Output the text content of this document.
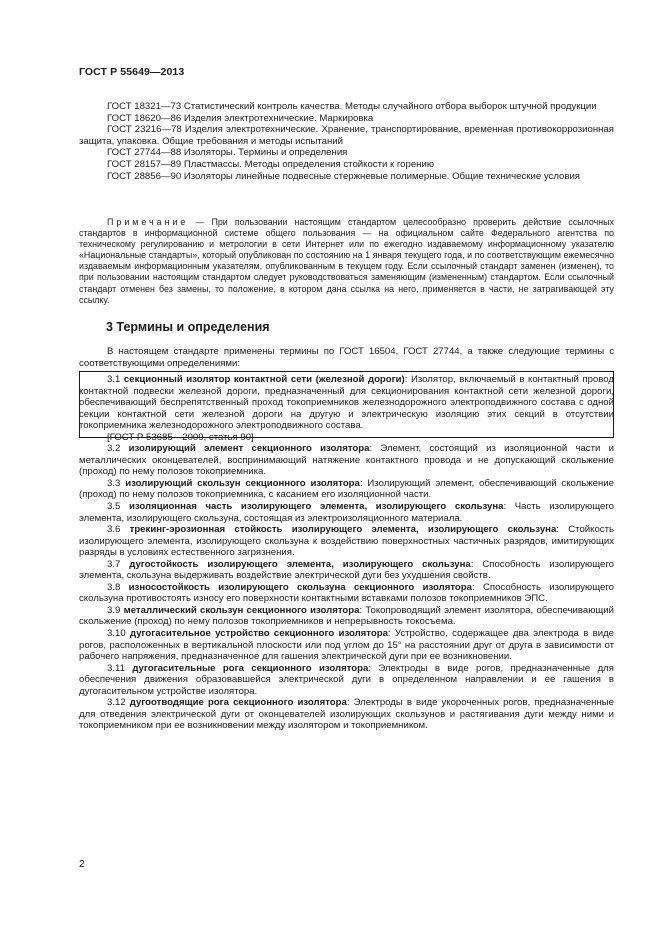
ГОСТ Р 55649—2013

ГОСТ 18321—73 Статистический контроль качества. Методы случайного отбора выборок штучной продукции

ГОСТ 18620—86 Изделия электротехнические. Маркировка

ГОСТ 23216—78 Изделия электротехнические. Хранение, транспортирование, временная противокоррозионная защита, упаковка. Общие требования и методы испытаний

ГОСТ 27744—88 Изоляторы. Термины и определения

ГОСТ 28157—89 Пластмассы. Методы определения стойкости к горению

ГОСТ 28856—90 Изоляторы линейные подвесные стержневые полимерные. Общие технические условия

Примечание — При пользовании настоящим стандартом целесообразно проверить действие ссылочных стандартов в информационной системе общего пользования — на официальном сайте Федерального агентства по техническому регулированию и метрологии в сети Интернет или по ежегодно издаваемому информационному указателю «Национальные стандарты», который опубликован по состоянию на 1 января текущего года, и по соответствующим ежемесячно издаваемым информационным указателям, опубликованным в текущем году. Если ссылочный стандарт заменен (изменен), то при пользовании настоящим стандартом следует руководствоваться заменяющим (измененным) стандартом. Если ссылочный стандарт отменен без замены, то положение, в котором дана ссылка на него, применяется в части, не затрагивающей эту ссылку.

3 Термины и определения

В настоящем стандарте применены термины по ГОСТ 16504, ГОСТ 27744, а также следующие термины с соответствующими определениями:

3.1 секционный изолятор контактной сети (железной дороги): Изолятор, включаемый в контактный провод контактной подвески железной дороги, предназначенный для секционирования контактной сети железной дороги, обеспечивающий беспрепятственный проход токоприемников железнодорожного электроподвижного состава с одной секции контактной сети железной дороги на другую и электрическую изоляцию этих секций в отсутствии токоприемника железнодорожного электроподвижного состава.

[ГОСТ Р 53685—2009, статья 90]

3.2 изолирующий элемент секционного изолятора: Элемент, состоящий из изоляционной части и металлических оконцевателей, воспринимающий натяжение контактного провода и не допускающий скольжение (проход) по нему полозов токоприемника.

3.3 изолирующий скользун секционного изолятора: Изолирующий элемент, обеспечивающий скольжение (проход) по нему полозов токоприемника, с касанием его изоляционной части.

3.5 изоляционная часть изолирующего элемента, изолирующего скользуна: Часть изолирующего элемента, изолирующего скользуна, состоящая из электроизоляционного материала.

3.6 трекинг-эрозионная стойкость изолирующего элемента, изолирующего скользуна: Стойкость изолирующего элемента, изолирующего скользуна к воздействию поверхностных частичных разрядов, имитирующих разряды в условиях естественного загрязнения.

3.7 дугостойкость изолирующего элемента, изолирующего скользуна: Способность изолирующего элемента, скользуна выдерживать воздействие электрической дуги без ухудшения свойств.

3.8 износостойкость изолирующего скользуна секционного изолятора: Способность изолирующего скользуна противостоять износу его поверхности контактными вставками полозов токоприемников ЭПС.

3.9 металлический скользун секционного изолятора: Токопроводящий элемент изолятора, обеспечивающий скольжение (проход) по нему полозов токоприемников и непрерывность токосъема.

3.10 дугогасительное устройство секционного изолятора: Устройство, содержащее два электрода в виде рогов, расположенных в вертикальной плоскости или под углом до 15° на расстоянии друг от друга в зависимости от рабочего напряжения, предназначенное для гашения электрической дуги при ее возникновении.

3.11 дугогасительные рога секционного изолятора: Электроды в виде рогов, предназначенные для обеспечения движения образовавшейся электрической дуги в определенном направлении и ее гашения в дугогасительном устройстве изолятора.

3.12 дугоотводящие рога секционного изолятора: Электроды в виде укороченных рогов, предназначенные для отведения электрической дуги от оконцевателей изолирующих скользунов и растягивания дуги между ними и токоприемником при ее возникновении между изолятором и токоприемником.

2
